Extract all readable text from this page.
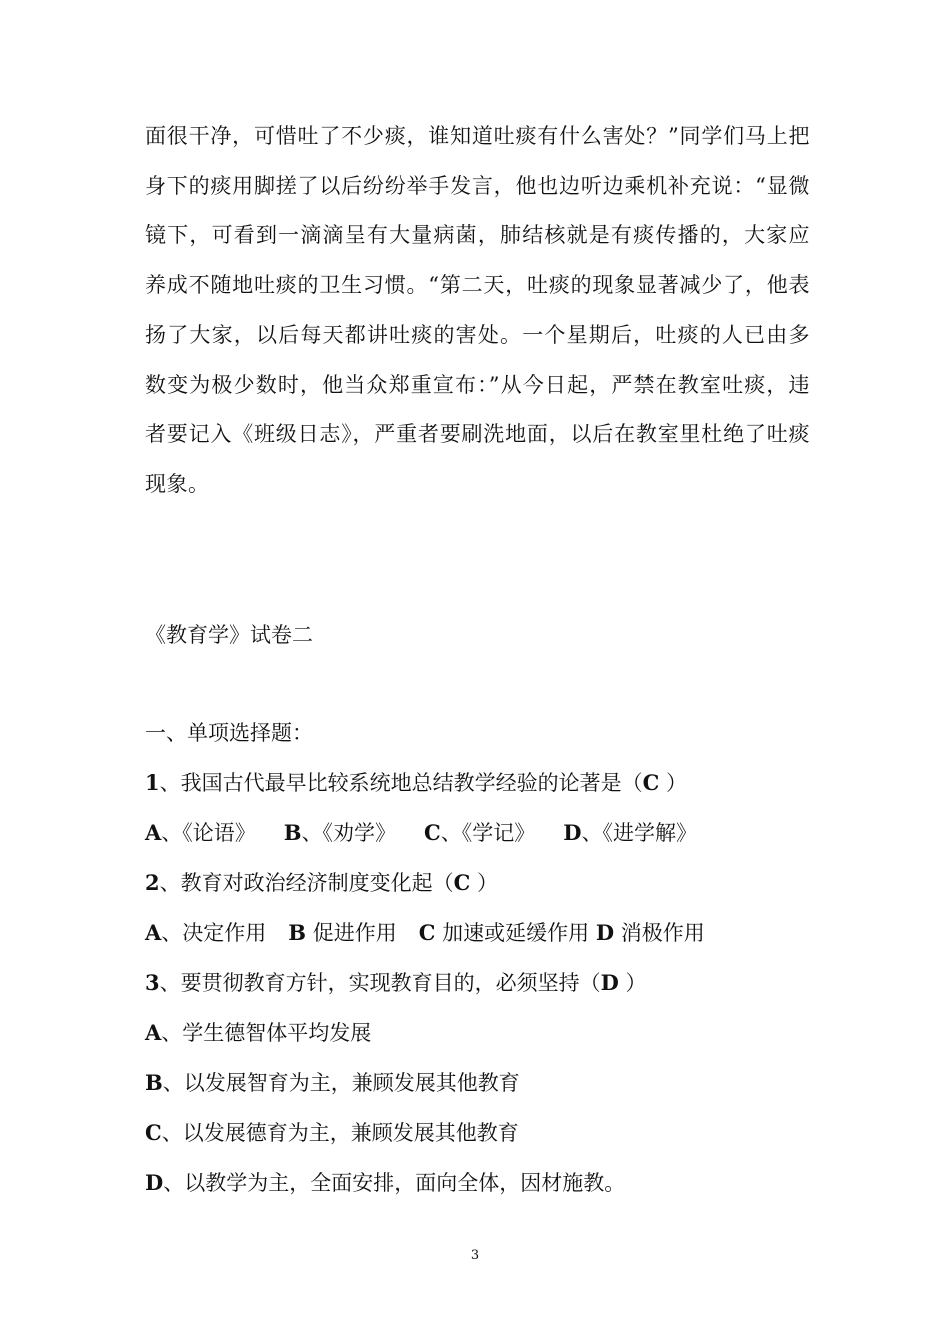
面很干净，可惜吐了不少痰，谁知道吐痰有什么害处？”同学们马上把身下的痰用脚搓了以后纷纷举手发言，他也边听边乘机补充说：“显微镜下，可看到一滴滴呈有大量病菌，肺结核就是有痰传播的，大家应养成不随地吐痰的卫生习惯。“第二天，吐痰的现象显著减少了，他表扬了大家，以后每天都讲吐痰的害处。一个星期后，吐痰的人已由多数变为极少数时，他当众郑重宣布：”从今日起，严禁在教室吐痰，违者要记入《班级日志》，严重者要刷洗地面，以后在教室里杜绝了吐痰现象。

《教育学》试卷二
一、单项选择题：
1、我国古代最早比较系统地总结教学经验的论著是（C ）
A、《论语》 B、《劝学》 C、《学记》 D、《进学解》
2、教育对政治经济制度变化起（C ）
A、决定作用 B 促进作用 C 加速或延缓作用 D 消极作用
3、要贯彻教育方针，实现教育目的，必须坚持（D ）
A、学生德智体平均发展
B、以发展智育为主，兼顾发展其他教育
C、以发展德育为主，兼顾发展其他教育
D、以教学为主，全面安排，面向全体，因材施教。
3
